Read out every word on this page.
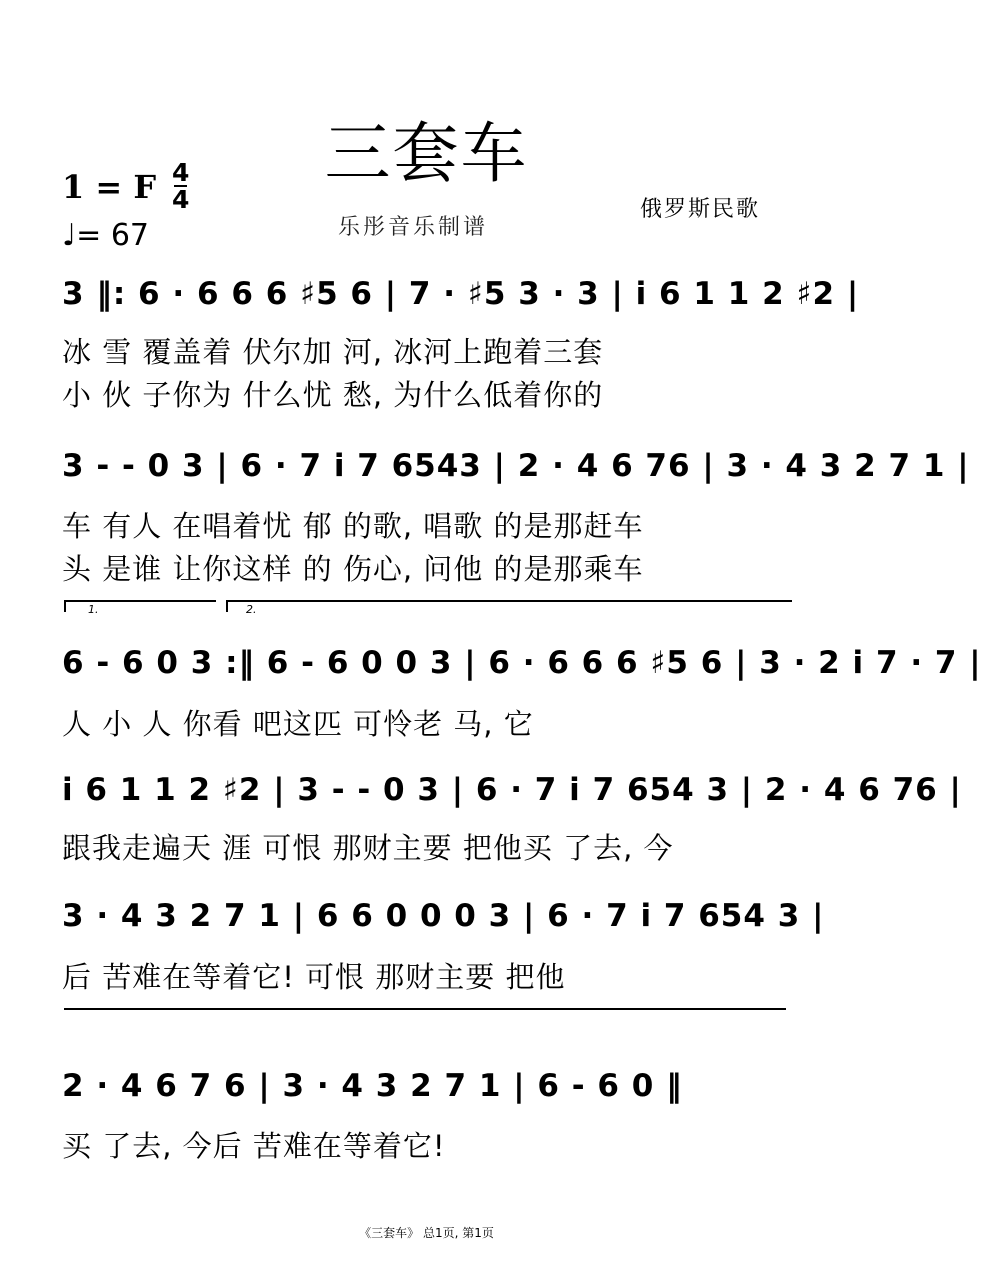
三套车
1 = F 4
4
♩= 67	乐彤音乐制谱
俄罗斯民歌
3 ‖: 6 · 6 6 6 ♯5 6 | 7 · ♯5 3 · 3 | i 6 1 1 2 ♯2 |
冰 雪 覆盖着 伏尔加 河, 冰河上跑着三套
小 伙 子你为 什么忧 愁, 为什么低着你的
3 - - 0 3 | 6 · 7 i 7 6543 | 2 · 4 6 76 | 3 · 4 3 2 7 1 |
车 有人 在唱着忧 郁 的歌, 唱歌 的是那赶车
头 是谁 让你这样 的 伤心, 问他 的是那乘车
1.	2.
6 - 6 0 3 :‖ 6 - 6 0 0 3 | 6 · 6 6 6 ♯5 6 | 3 · 2 i 7 · 7 |
人 小 人 你看 吧这匹 可怜老 马, 它
i 6 1 1 2 ♯2 | 3 - - 0 3 | 6 · 7 i 7 654 3 | 2 · 4 6 76 |
跟我走遍天 涯 可恨 那财主要 把他买 了去, 今
3 · 4 3 2 7 1 | 6 6 0 0 0 3 | 6 · 7 i 7 654 3 |
后 苦难在等着它! 可恨 那财主要 把他
2 · 4 6 7 6 | 3 · 4 3 2 7 1 | 6 - 6 0 ‖
买 了去, 今后 苦难在等着它!
《三套车》 总1页, 第1页
